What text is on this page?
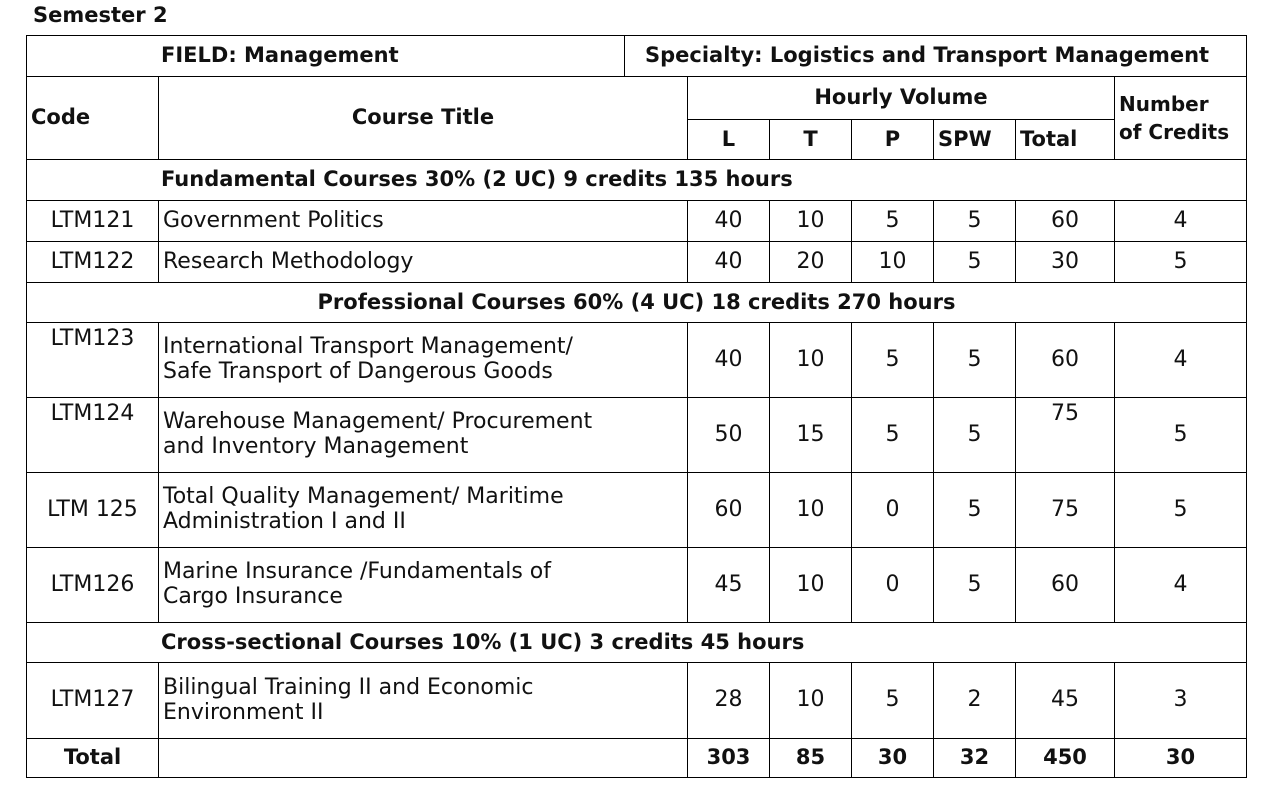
Semester 2
FIELD: Management		Specialty: Logistics and Transport Management						
Code	Course Title		Hourly Volume					Number
of Credits

			L	T	P	SPW	Total	
Fundamental Courses 30% (2 UC) 9 credits 135 hours								
LTM121	Government Politics		40	10	5	5	60	4
LTM122	Research Methodology		40	20	10	5	30	5
Professional Courses 60% (4 UC) 18 credits 270 hours								
LTM123	International Transport Management/
Safe Transport of Dangerous Goods		40	10	5	5	60	4
LTM124	Warehouse Management/ Procurement
and Inventory Management		50	15	5	5	75	5
LTM 125	Total Quality Management/ Maritime
Administration I and II		60	10	0	5	75	5
LTM126	Marine Insurance /Fundamentals of
Cargo Insurance		45	10	0	5	60	4
Cross-sectional Courses 10% (1 UC) 3 credits 45 hours								
LTM127	Bilingual Training II and Economic
Environment II		28	10	5	2	45	3
Total			303	85	30	32	450	30
